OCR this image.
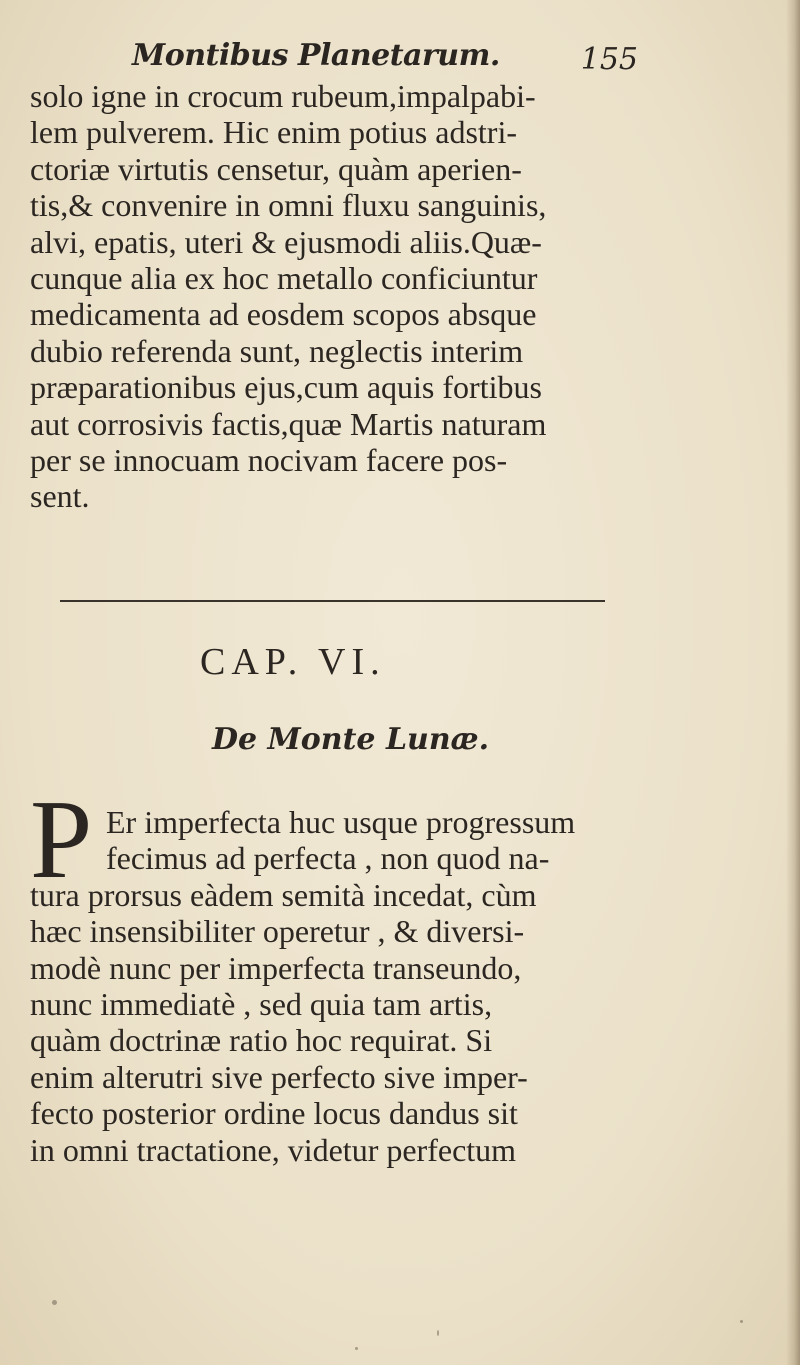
Montibus Planetarum.	155
solo igne in crocum rubeum,impalpabi-
lem pulverem. Hic enim potius adstri-
ctoriæ virtutis censetur, quàm aperien-
tis,& convenire in omni fluxu sanguinis,
alvi, epatis, uteri & ejusmodi aliis.Quæ-
cunque alia ex hoc metallo conficiuntur
medicamenta ad eosdem scopos absque
dubio referenda sunt, neglectis interim
præparationibus ejus,cum aquis fortibus
aut corrosivis factis,quæ Martis naturam
per se innocuam nocivam facere pos-
sent.
CAP. VI.
De Monte Lunæ.
P Er imperfecta huc usque progressum
fecimus ad perfecta , non quod na-
tura prorsus eàdem semità incedat, cùm
hæc insensibiliter operetur , & diversi-
modè nunc per imperfecta transeundo,
nunc immediatè , sed quia tam artis,
quàm doctrinæ ratio hoc requirat. Si
enim alterutri sive perfecto sive imper-
fecto posterior ordine locus dandus sit
in omni tractatione, videtur perfectum
